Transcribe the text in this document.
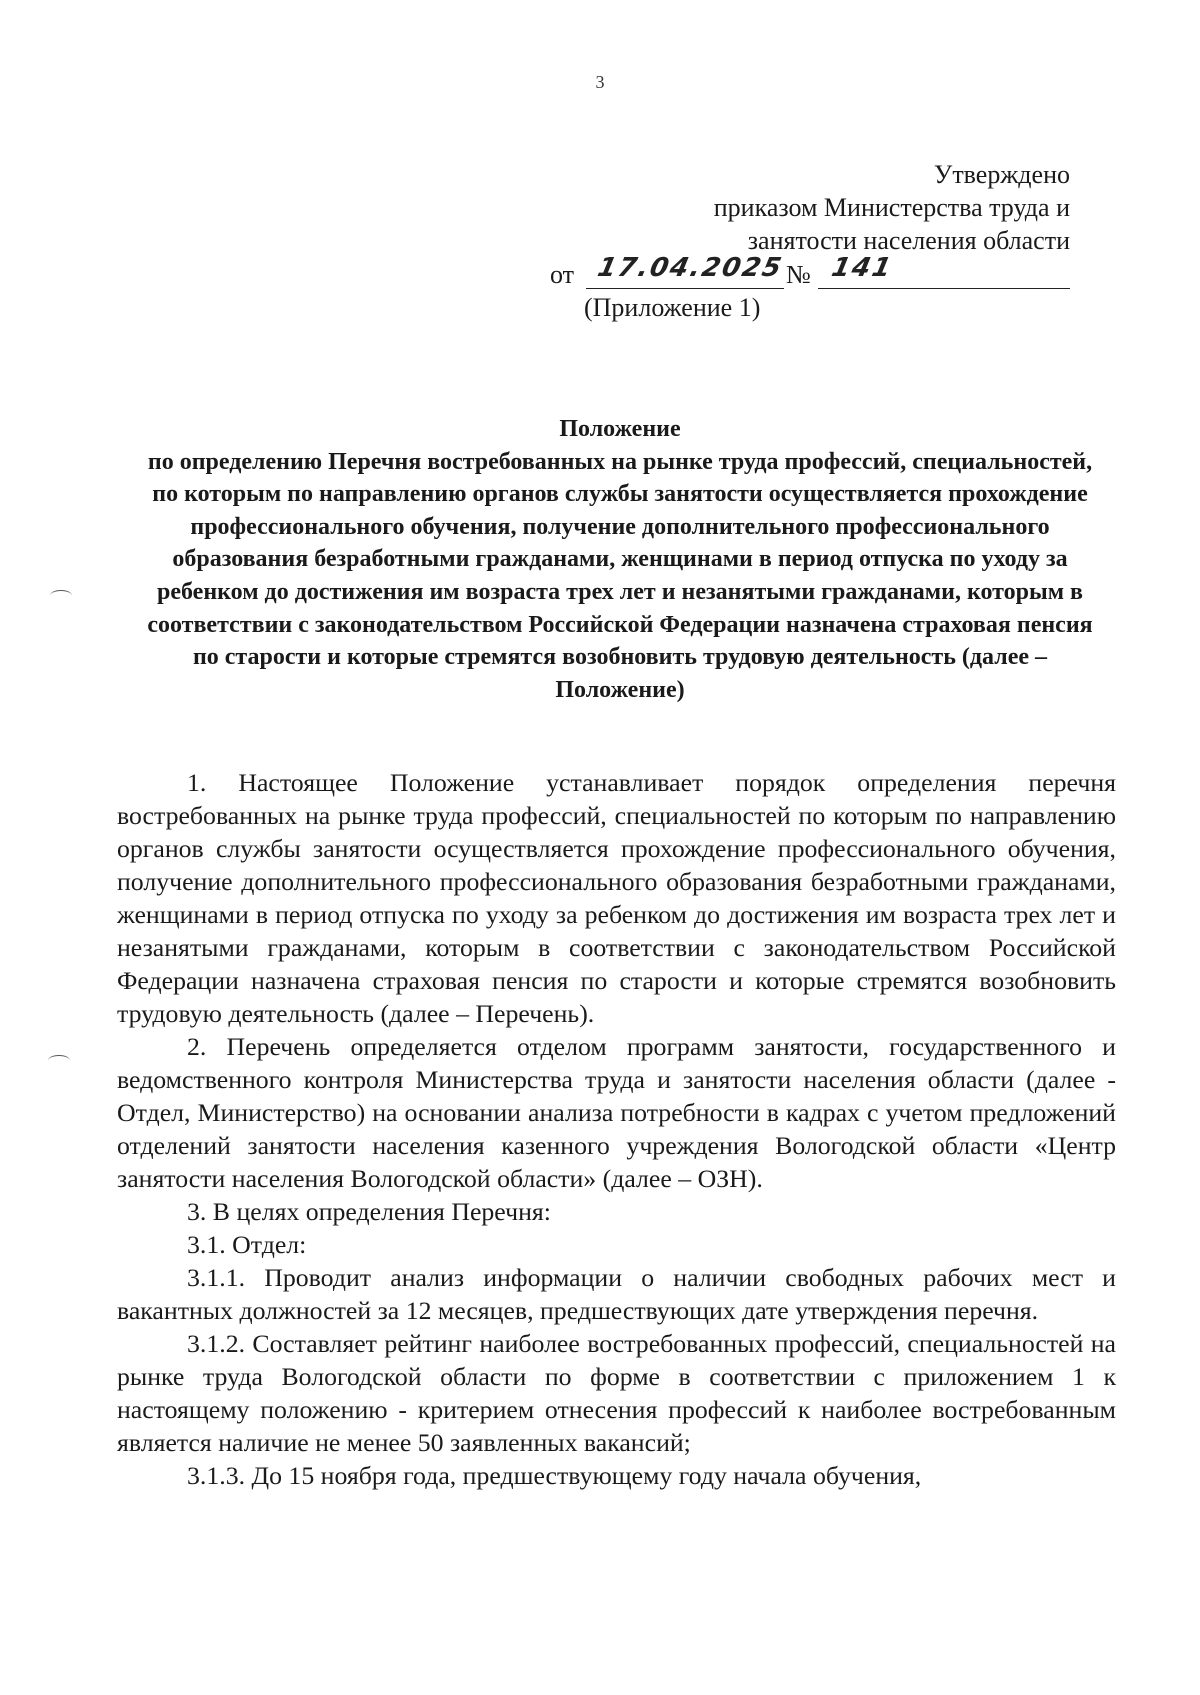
3
Утверждено
приказом Министерства труда и
занятости населения области
от 17.04.2025 № 141
(Приложение 1)
Положение
по определению Перечня востребованных на рынке труда профессий, специальностей, по которым по направлению органов службы занятости осуществляется прохождение профессионального обучения, получение дополнительного профессионального образования безработными гражданами, женщинами в период отпуска по уходу за ребенком до достижения им возраста трех лет и незанятыми гражданами, которым в соответствии с законодательством Российской Федерации назначена страховая пенсия по старости и которые стремятся возобновить трудовую деятельность (далее – Положение)

1. Настоящее Положение устанавливает порядок определения перечня востребованных на рынке труда профессий, специальностей по которым по направлению органов службы занятости осуществляется прохождение профессионального обучения, получение дополнительного профессионального образования безработными гражданами, женщинами в период отпуска по уходу за ребенком до достижения им возраста трех лет и незанятыми гражданами, которым в соответствии с законодательством Российской Федерации назначена страховая пенсия по старости и которые стремятся возобновить трудовую деятельность (далее – Перечень).

2. Перечень определяется отделом программ занятости, государственного и ведомственного контроля Министерства труда и занятости населения области (далее - Отдел, Министерство) на основании анализа потребности в кадрах с учетом предложений отделений занятости населения казенного учреждения Вологодской области «Центр занятости населения Вологодской области» (далее – ОЗН).

3. В целях определения Перечня:

3.1. Отдел:

3.1.1. Проводит анализ информации о наличии свободных рабочих мест и вакантных должностей за 12 месяцев, предшествующих дате утверждения перечня.

3.1.2. Составляет рейтинг наиболее востребованных профессий, специальностей на рынке труда Вологодской области по форме в соответствии с приложением 1 к настоящему положению - критерием отнесения профессий к наиболее востребованным является наличие не менее 50 заявленных вакансий;

3.1.3. До 15 ноября года, предшествующему году начала обучения,
